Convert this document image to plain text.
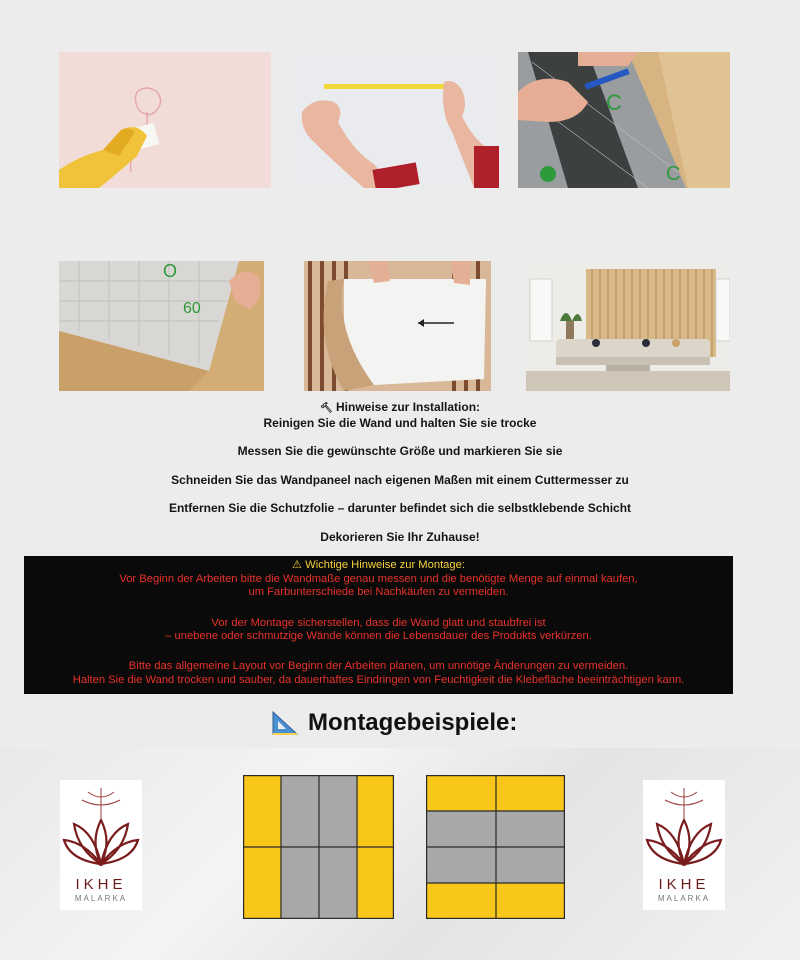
C
C
O
60
🔨︎ Hinweise zur Installation:
Reinigen Sie die Wand und halten Sie sie trocke
Messen Sie die gewünschte Größe und markieren Sie sie
Schneiden Sie das Wandpaneel nach eigenen Maßen mit einem Cuttermesser zu
Entfernen Sie die Schutzfolie – darunter befindet sich die selbstklebende Schicht
Dekorieren Sie Ihr Zuhause!
⚠ Wichtige Hinweise zur Montage:
Vor Beginn der Arbeiten bitte die Wandmaße genau messen und die benötigte Menge auf einmal kaufen,
um Farbunterschiede bei Nachkäufen zu vermeiden.
Vor der Montage sicherstellen, dass die Wand glatt und staubfrei ist
– unebene oder schmutzige Wände können die Lebensdauer des Produkts verkürzen.
Bitte das allgemeine Layout vor Beginn der Arbeiten planen, um unnötige Änderungen zu vermeiden.
Halten Sie die Wand trocken und sauber, da dauerhaftes Eindringen von Feuchtigkeit die Klebefläche beeinträchtigen kann.
Montagebeispiele:
IKHE
MALARKA
IKHE
MALARKA
